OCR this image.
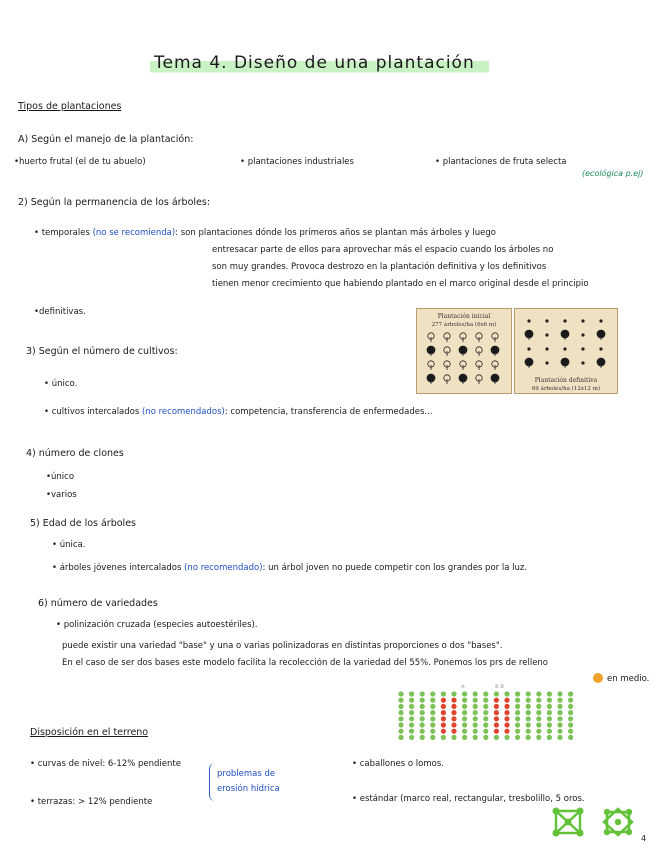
Tema 4. Diseño de una plantación
Tipos de plantaciones
A) Según el manejo de la plantación:
•huerto frutal (el de tu abuelo)	• plantaciones industriales	• plantaciones de fruta selecta
(ecológica p.ej)
2) Según la permanencia de los árboles:
• temporales (no se recomienda): son plantaciones dónde los primeros años se plantan más árboles y luego
entresacar parte de ellos para aprovechar más el espacio cuando los árboles no
son muy grandes. Provoca destrozo en la plantación definitiva y los definitivos
tienen menor crecimiento que habiendo plantado en el marco original desde el principio
•definitivas.	Plantación inicial
277 árboles/ha (6x6 m)
Plantación definitiva
69 árboles/ha (12x12 m)
3) Según el número de cultivos:
• único.
• cultivos intercalados (no recomendados): competencia, transferencia de enfermedades...
4) número de clones
•único
•varios
5) Edad de los árboles
• única.
• árboles jóvenes intercalados (no recomendado): un árbol joven no puede competir con los grandes por la luz.
6) número de variedades
• polinización cruzada (especies autoestériles).
puede existir una variedad "base" y una o varias polinizadoras en distintas proporciones o dos "bases".
En el caso de ser dos bases este modelo facilita la recolección de la variedad del 55%. Ponemos los prs de relleno
en medio.
A	B B
Disposición en el terreno
• curvas de nivel: 6-12% pendiente
• terrazas: > 12% pendiente
problemas de
erosión hídrica
• caballones o lomos.
• estándar (marco real, rectangular, tresbolillo, 5 oros.
4
